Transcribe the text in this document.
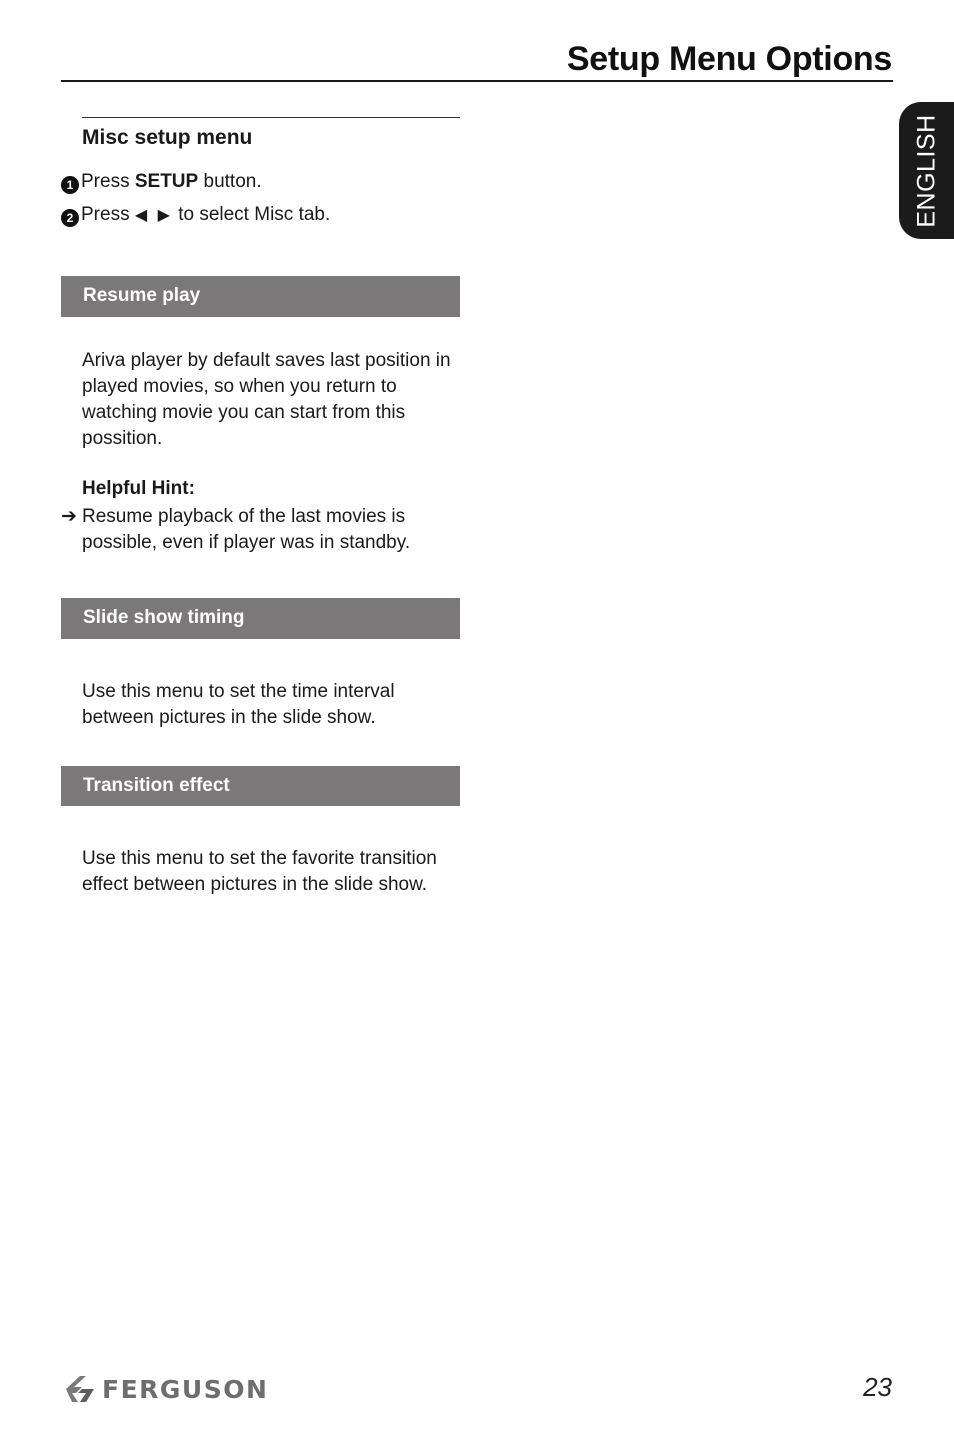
Setup Menu Options
ENGLISH
Misc setup menu
1 Press SETUP button.
2 Press ◀ ▶ to select Misc tab.
Resume play
Ariva player by default saves last position in played movies, so when you return to watching movie you can start from this possition.
Helpful Hint:
➔ Resume playback of the last movies is possible, even if player was in standby.
Slide show timing
Use this menu to set the time interval between pictures in the slide show.
Transition effect
Use this menu to set the favorite transition effect between pictures in the slide show.
FERGUSON	23
